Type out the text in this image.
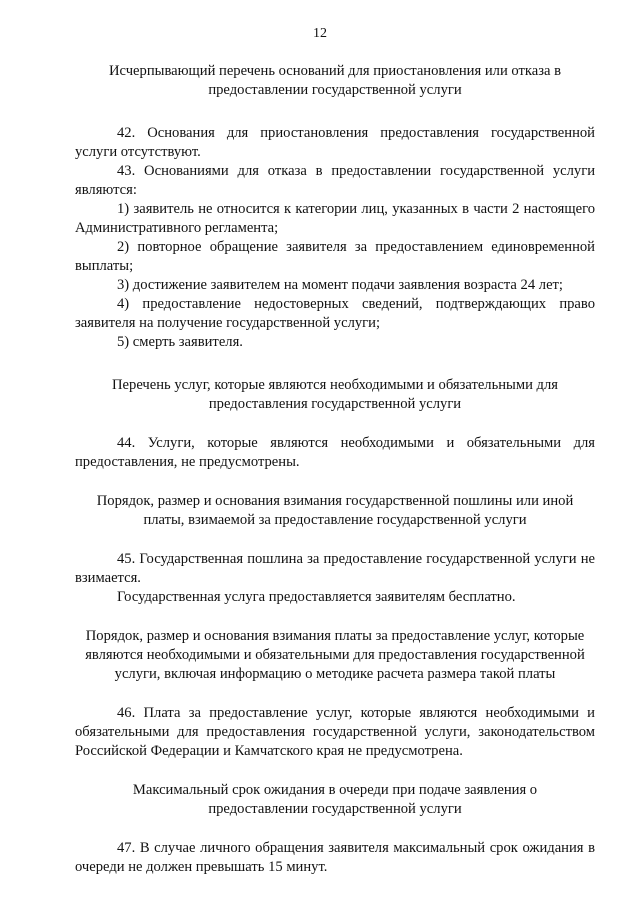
12

Исчерпывающий перечень оснований для приостановления или отказа в предоставлении государственной услуги

42. Основания для приостановления предоставления государственной услуги отсутствуют.

43. Основаниями для отказа в предоставлении государственной услуги являются:

1) заявитель не относится к категории лиц, указанных в части 2 настоящего Административного регламента;

2) повторное обращение заявителя за предоставлением единовременной выплаты;

3) достижение заявителем на момент подачи заявления возраста 24 лет;

4) предоставление недостоверных сведений, подтверждающих право заявителя на получение государственной услуги;

5) смерть заявителя.

Перечень услуг, которые являются необходимыми и обязательными для предоставления государственной услуги

44. Услуги, которые являются необходимыми и обязательными для предоставления, не предусмотрены.

Порядок, размер и основания взимания государственной пошлины или иной платы, взимаемой за предоставление государственной услуги

45. Государственная пошлина за предоставление государственной услуги не взимается.

Государственная услуга предоставляется заявителям бесплатно.

Порядок, размер и основания взимания платы за предоставление услуг, которые являются необходимыми и обязательными для предоставления государственной услуги, включая информацию о методике расчета размера такой платы

46. Плата за предоставление услуг, которые являются необходимыми и обязательными для предоставления государственной услуги, законодательством Российской Федерации и Камчатского края не предусмотрена.

Максимальный срок ожидания в очереди при подаче заявления о предоставлении государственной услуги

47. В случае личного обращения заявителя максимальный срок ожидания в очереди не должен превышать 15 минут.
